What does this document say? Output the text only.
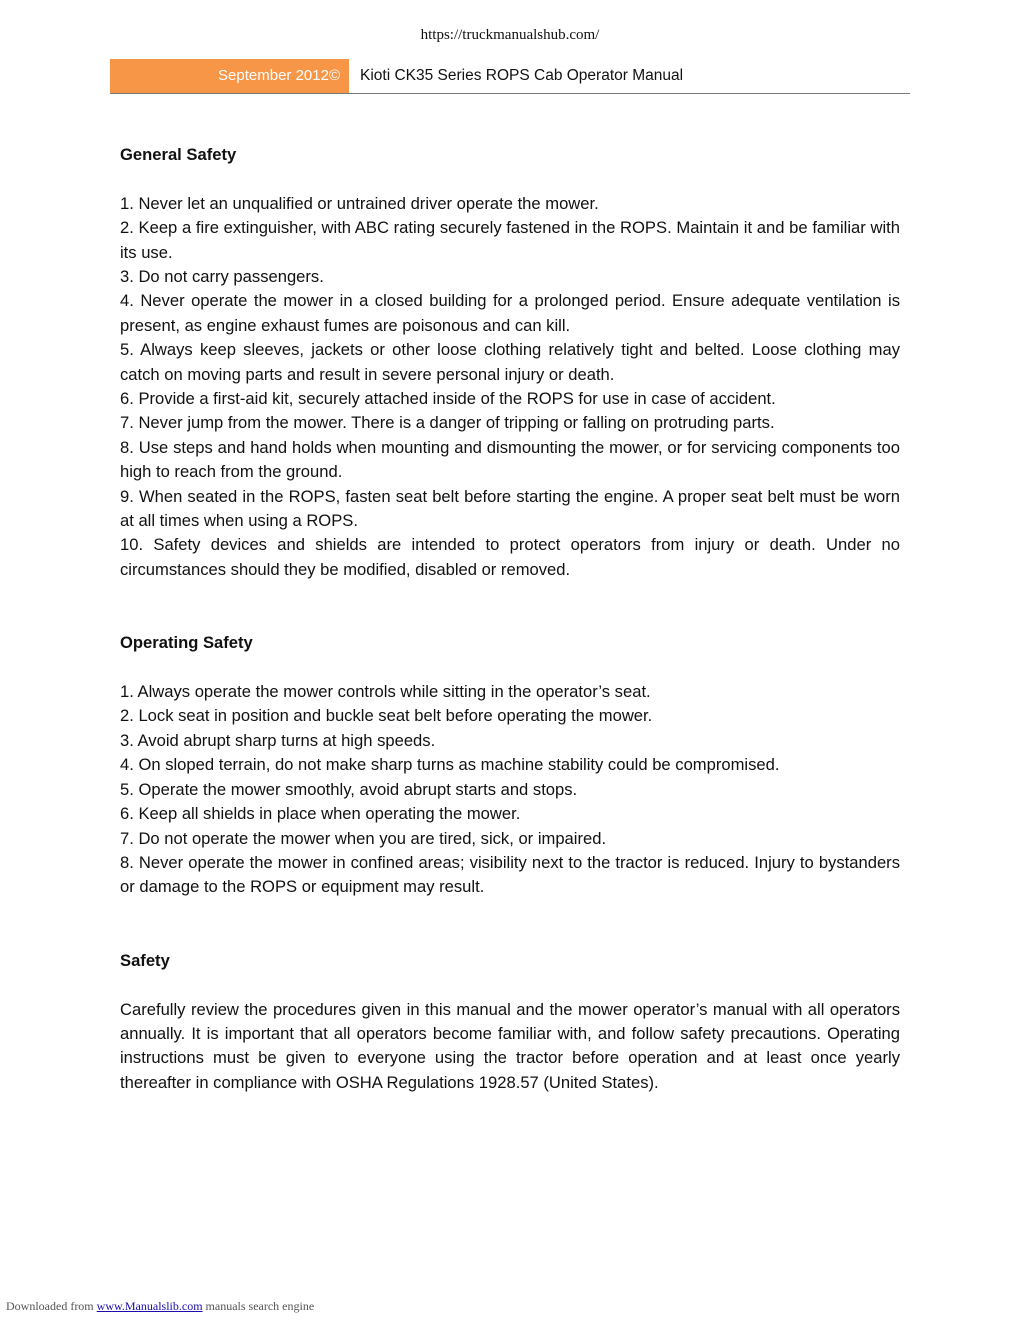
https://truckmanualshub.com/
September 2012©	Kioti CK35 Series ROPS Cab Operator Manual

General Safety

1. Never let an unqualified or untrained driver operate the mower.

2. Keep a fire extinguisher, with ABC rating securely fastened in the ROPS. Maintain it and be familiar with its use.

3. Do not carry passengers.

4. Never operate the mower in a closed building for a prolonged period. Ensure adequate ventilation is present, as engine exhaust fumes are poisonous and can kill.

5. Always keep sleeves, jackets or other loose clothing relatively tight and belted. Loose clothing may catch on moving parts and result in severe personal injury or death.

6. Provide a first-aid kit, securely attached inside of the ROPS for use in case of accident.

7. Never jump from the mower. There is a danger of tripping or falling on protruding parts.

8. Use steps and hand holds when mounting and dismounting the mower, or for servicing components too high to reach from the ground.

9. When seated in the ROPS, fasten seat belt before starting the engine. A proper seat belt must be worn at all times when using a ROPS.

10. Safety devices and shields are intended to protect operators from injury or death. Under no circumstances should they be modified, disabled or removed.

Operating Safety

1. Always operate the mower controls while sitting in the operator’s seat.

2. Lock seat in position and buckle seat belt before operating the mower.

3. Avoid abrupt sharp turns at high speeds.

4. On sloped terrain, do not make sharp turns as machine stability could be compromised.

5. Operate the mower smoothly, avoid abrupt starts and stops.

6. Keep all shields in place when operating the mower.

7. Do not operate the mower when you are tired, sick, or impaired.

8. Never operate the mower in confined areas; visibility next to the tractor is reduced. Injury to bystanders or damage to the ROPS or equipment may result.

Safety

Carefully review the procedures given in this manual and the mower operator’s manual with all operators annually. It is important that all operators become familiar with, and follow safety precautions. Operating instructions must be given to everyone using the tractor before operation and at least once yearly thereafter in compliance with OSHA Regulations 1928.57 (United States).

Downloaded from www.Manualslib.com manuals search engine
